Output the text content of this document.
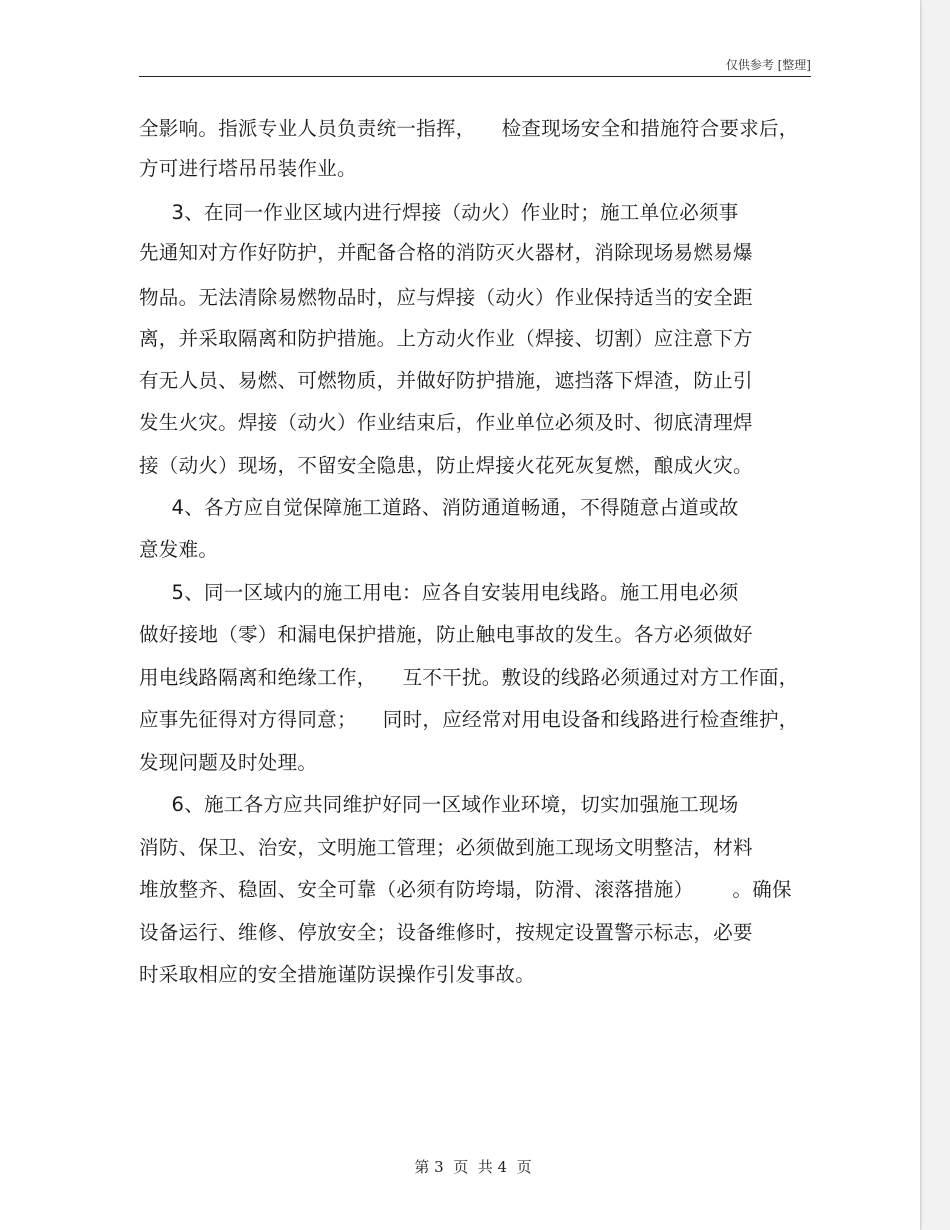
仅供参考 [整理]
全影响。指派专业人员负责统一指挥，    检查现场安全和措施符合要求后，
方可进行塔吊吊装作业。
3、在同一作业区域内进行焊接（动火）作业时；施工单位必须事
先通知对方作好防护，并配备合格的消防灭火器材，消除现场易燃易爆
物品。无法清除易燃物品时，应与焊接（动火）作业保持适当的安全距
离，并采取隔离和防护措施。上方动火作业（焊接、切割）应注意下方
有无人员、易燃、可燃物质，并做好防护措施，遮挡落下焊渣，防止引
发生火灾。焊接（动火）作业结束后，作业单位必须及时、彻底清理焊
接（动火）现场，不留安全隐患，防止焊接火花死灰复燃，酿成火灾。
4、各方应自觉保障施工道路、消防通道畅通，不得随意占道或故
意发难。
5、同一区域内的施工用电：应各自安装用电线路。施工用电必须
做好接地（零）和漏电保护措施，防止触电事故的发生。各方必须做好
用电线路隔离和绝缘工作，    互不干扰。敷设的线路必须通过对方工作面，
应事先征得对方得同意；    同时，应经常对用电设备和线路进行检查维护，
发现问题及时处理。
6、施工各方应共同维护好同一区域作业环境，切实加强施工现场
消防、保卫、治安，文明施工管理；必须做到施工现场文明整洁，材料
堆放整齐、稳固、安全可靠（必须有防垮塌，防滑、滚落措施）      。确保
设备运行、维修、停放安全；设备维修时，按规定设置警示标志，必要
时采取相应的安全措施谨防误操作引发事故。
第 3  页  共 4  页
